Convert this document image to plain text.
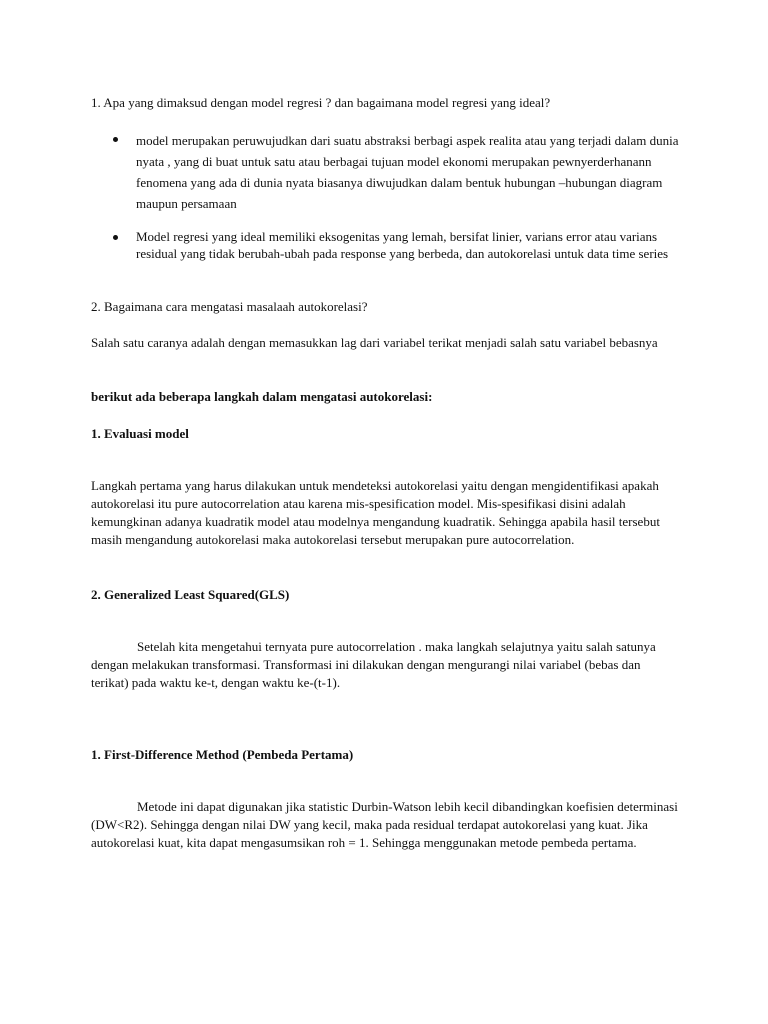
1. Apa yang dimaksud dengan model regresi ? dan bagaimana model regresi yang ideal?

model merupakan peruwujudkan dari suatu abstraksi berbagi aspek realita atau yang terjadi dalam dunia nyata , yang di buat untuk satu atau berbagai tujuan model ekonomi merupakan pewnyerderhanann fenomena yang ada di dunia nyata biasanya diwujudkan dalam bentuk hubungan –hubungan diagram maupun persamaan
Model regresi yang ideal memiliki eksogenitas yang lemah, bersifat linier, varians error atau varians residual yang tidak berubah-ubah pada response yang berbeda, dan autokorelasi untuk data time series

2. Bagaimana cara mengatasi masalaah autokorelasi?

Salah satu caranya adalah dengan memasukkan lag dari variabel terikat menjadi salah satu variabel bebasnya

berikut ada beberapa langkah dalam mengatasi autokorelasi:

1. Evaluasi model

Langkah pertama yang harus dilakukan untuk mendeteksi autokorelasi yaitu dengan mengidentifikasi apakah autokorelasi itu pure autocorrelation atau karena mis-spesification model. Mis-spesifikasi disini adalah kemungkinan adanya kuadratik model atau modelnya mengandung kuadratik. Sehingga apabila hasil tersebut masih mengandung autokorelasi maka autokorelasi tersebut merupakan pure autocorrelation.

2. Generalized Least Squared(GLS)

Setelah kita mengetahui ternyata pure autocorrelation . maka langkah selajutnya yaitu salah satunya dengan melakukan transformasi. Transformasi ini dilakukan dengan mengurangi nilai variabel (bebas dan terikat) pada waktu ke-t, dengan waktu ke-(t-1).

1. First-Difference Method (Pembeda Pertama)

Metode ini dapat digunakan jika statistic Durbin-Watson lebih kecil dibandingkan koefisien determinasi (DW<R2). Sehingga dengan nilai DW yang kecil, maka pada residual terdapat autokorelasi yang kuat. Jika autokorelasi kuat, kita dapat mengasumsikan roh = 1. Sehingga menggunakan metode pembeda pertama.
